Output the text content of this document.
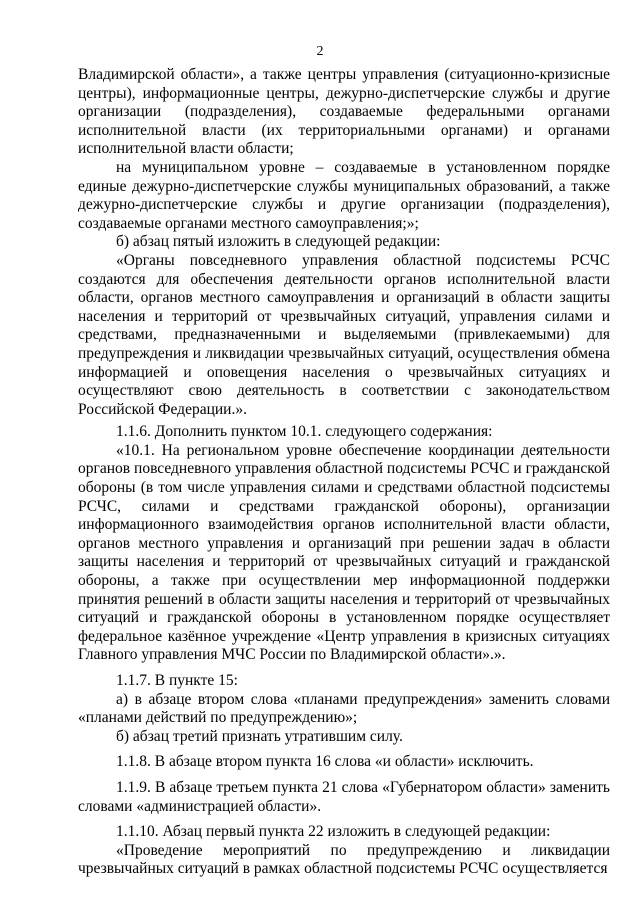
2

Владимирской области», а также центры управления (ситуационно-кризисные центры), информационные центры, дежурно-диспетчерские службы и другие организации (подразделения), создаваемые федеральными органами исполнительной власти (их территориальными органами) и органами исполнительной власти области;

на муниципальном уровне – создаваемые в установленном порядке единые дежурно-диспетчерские службы муниципальных образований, а также дежурно-диспетчерские службы и другие организации (подразделения), создаваемые органами местного самоуправления;»;

б) абзац пятый изложить в следующей редакции:

«Органы повседневного управления областной подсистемы РСЧС создаются для обеспечения деятельности органов исполнительной власти области, органов местного самоуправления и организаций в области защиты населения и территорий от чрезвычайных ситуаций, управления силами и средствами, предназначенными и выделяемыми (привлекаемыми) для предупреждения и ликвидации чрезвычайных ситуаций, осуществления обмена информацией и оповещения населения о чрезвычайных ситуациях и осуществляют свою деятельность в соответствии с законодательством Российской Федерации.».

1.1.6. Дополнить пунктом 10.1. следующего содержания:

«10.1. На региональном уровне обеспечение координации деятельности органов повседневного управления областной подсистемы РСЧС и гражданской обороны (в том числе управления силами и средствами областной подсистемы РСЧС, силами и средствами гражданской обороны), организации информационного взаимодействия органов исполнительной власти области, органов местного управления и организаций при решении задач в области защиты населения и территорий от чрезвычайных ситуаций и гражданской обороны, а также при осуществлении мер информационной поддержки принятия решений в области защиты населения и территорий от чрезвычайных ситуаций и гражданской обороны в установленном порядке осуществляет федеральное казённое учреждение «Центр управления в кризисных ситуациях Главного управления МЧС России по Владимирской области».».

1.1.7. В пункте 15:

а) в абзаце втором слова «планами предупреждения» заменить словами «планами действий по предупреждению»;

б) абзац третий признать утратившим силу.

1.1.8. В абзаце втором пункта 16 слова «и области» исключить.

1.1.9. В абзаце третьем пункта 21 слова «Губернатором области» заменить словами «администрацией области».

1.1.10. Абзац первый пункта 22 изложить в следующей редакции:

«Проведение мероприятий по предупреждению и ликвидации чрезвычайных ситуаций в рамках областной подсистемы РСЧС осуществляется
